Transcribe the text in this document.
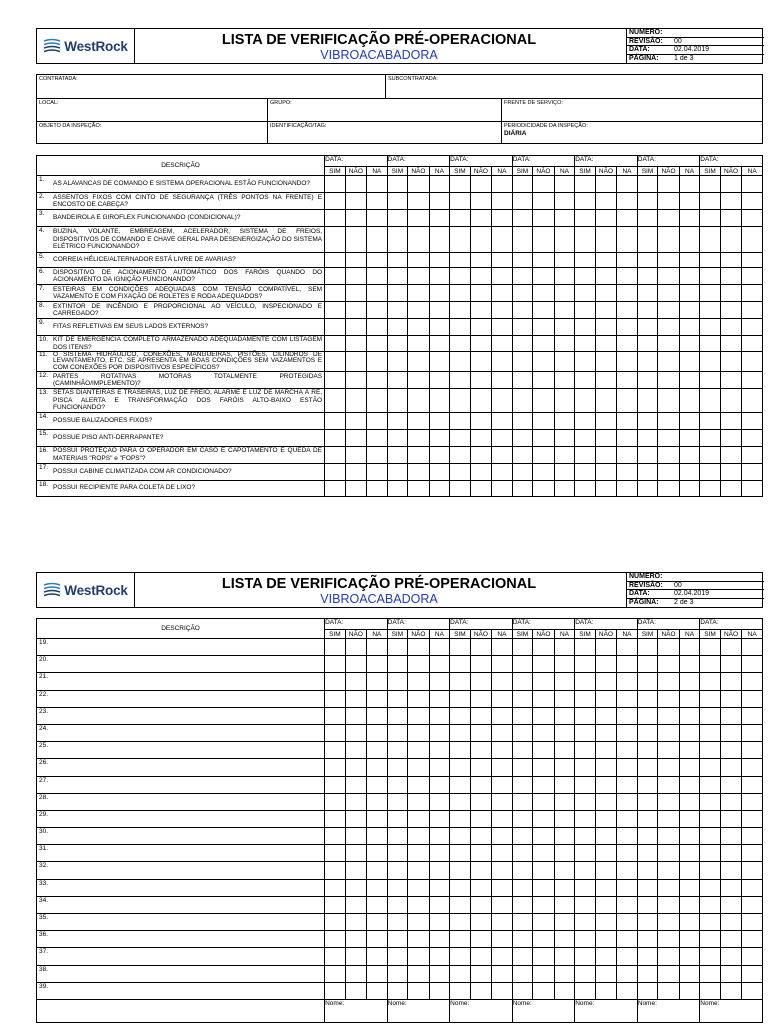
WestRock	LISTA DE VERIFICAÇÃO PRÉ-OPERACIONAL
VIBROACABADORA
NUMERO:
REVISÃO: 00
DATA:	02.04.2019
PÁGINA: 1 de 3
CONTRATADA:	SUBCONTRATADA:
LOCAL:	GRUPO:	FRENTE DE SERVIÇO:
OBJETO DA INSPEÇÃO:	IDENTIFICAÇÃO/TAG:	PERIODICIDADE DA INSPEÇÃO:
DIÁRIA
DESCRIÇÃO	DATA:			DATA:			DATA:			DATA:			DATA:			DATA:			DATA:		
	SIM	NÃO	NA	SIM	NÃO	NA	SIM	NÃO	NA	SIM	NÃO	NA	SIM	NÃO	NA	SIM	NÃO	NA	SIM	NÃO	NA

1.
AS ALAVANCAS DE COMANDO E SISTEMA OPERACIONAL ESTÃO FUNCIONANDO?																					

2. ASSENTOS FIXOS COM CINTO DE SEGURANÇA (TRÊS PONTOS NA FRENTE) E ENCOSTO DE CABEÇA?																					

3.
BANDEIROLA E GIROFLEX FUNCIONANDO (CONDICIONAL)?																					

4. BUZINA, VOLANTE, EMBREAGEM, ACELERADOR, SISTEMA DE FREIOS, DISPOSITIVOS DE COMANDO E CHAVE GERAL PARA DESENERGIZAÇÃO DO SISTEMA ELÉTRICO FUNCIONANDO?																					

5. CORREIA HÉLICE/ALTERNADOR ESTÁ LIVRE DE AVARIAS?																					

6. DISPOSITIVO DE ACIONAMENTO AUTOMÁTICO DOS FARÓIS QUANDO DO ACIONAMENTO DA IGNIÇÃO FUNCIONANDO?																					

7. ESTEIRAS EM CONDIÇÕES ADEQUADAS COM TENSÃO COMPATÍVEL, SEM VAZAMENTO E COM FIXAÇÃO DE ROLETES E RODA ADEQUADOS?																					

8. EXTINTOR DE INCÊNDIO E PROPORCIONAL AO VEÍCULO, INSPECIONADO E CARREGADO?																					

9.
FITAS REFLETIVAS EM SEUS LADOS EXTERNOS?																					

10. KIT DE EMERGÊNCIA COMPLETO ARMAZENADO ADEQUADAMENTE COM LISTAGEM DOS ITENS?																					

11. O SISTEMA HIDRÁULICO, CONEXÕES, MANGUEIRAS, PISTÕES, CILINDROS DE LEVANTAMENTO, ETC. SE APRESENTA EM BOAS CONDIÇÕES SEM VAZAMENTOS E COM CONEXÕES POR DISPOSITIVOS ESPECÍFICOS?																					

12. PARTES ROTATIVAS MOTORAS TOTALMENTE PROTEGIDAS (CAMINHÃO/IMPLEMENTO)?																					

13. SETAS DIANTEIRAS E TRASEIRAS, LUZ DE FREIO, ALARME E LUZ DE MARCHA À RÉ, PISCA ALERTA E TRANSFORMAÇÃO DOS FARÓIS ALTO-BAIXO ESTÃO FUNCIONANDO?																					

14.
POSSUE BALIZADORES FIXOS?																					

15.
POSSUE PISO ANTI-DERRAPANTE?																					

16. POSSUI PROTEÇÃO PARA O OPERADOR EM CASO E CAPOTAMENTO E QUEDA DE MATERIAIS "ROPS" e "FOPS"?																					

17.
POSSUI CABINE CLIMATIZADA COM AR CONDICIONADO?																					

18.
POSSUI RECIPIENTE PARA COLETA DE LIXO?																					
WestRock	LISTA DE VERIFICAÇÃO PRÉ-OPERACIONAL
VIBROACABADORA
NUMERO:
REVISÃO: 00
DATA:	02.04.2019
PÁGINA: 2 de 3
DESCRIÇÃO	DATA:			DATA:			DATA:			DATA:			DATA:			DATA:			DATA:		
	SIM	NÃO	NA	SIM	NÃO	NA	SIM	NÃO	NA	SIM	NÃO	NA	SIM	NÃO	NA	SIM	NÃO	NA	SIM	NÃO	NA
19.																					
20.																					
21.																					
22.																					
23.																					
24.																					
25.																					
26.																					
27.																					
28.																					
29.																					
30.																					
31.																					
32.																					
33.																					
34.																					
35.																					
36.																					
37.																					
38.																					
39.																					
	Nome:			Nome:			Nome:			Nome:			Nome:			Nome:			Nome:		
